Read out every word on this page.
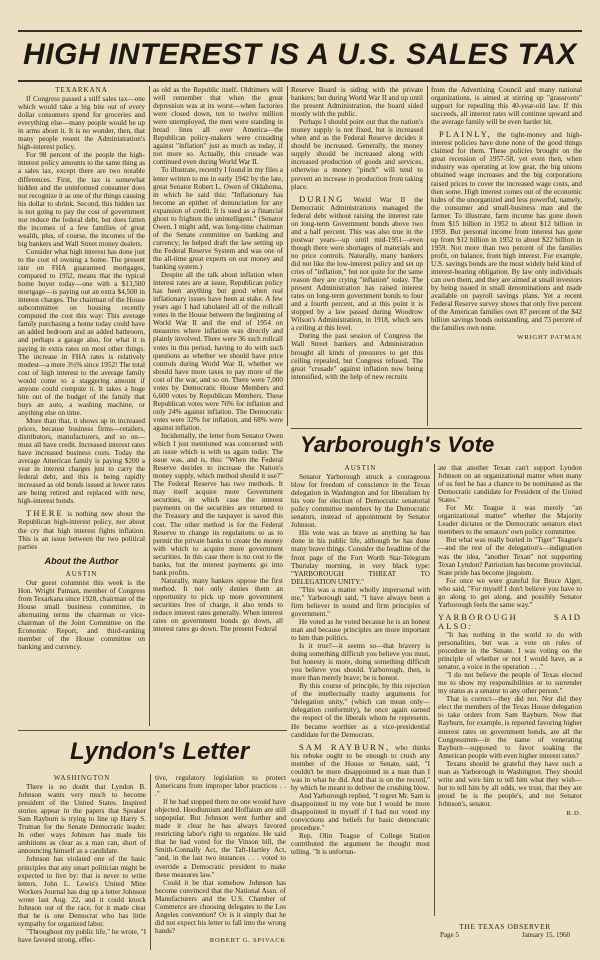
HIGH INTEREST IS A U.S. SALES TAX
TEXARKANA

If Congress passed a stiff sales tax—one which would take a big bite out of every dollar consumers spend for groceries and everything else—many people would be up in arms about it. It is no wonder, then, that many people resent the Administration's high-interest policy.

For 98 percent of the people the high-interest policy amounts to the same thing as a sales tax, except there are two notable differences. First, the tax is somewhat hidden and the uninformed consumer does not recognize it as one of the things causing his dollar to shrink. Second, this hidden tax is not going to pay the cost of government nor reduce the federal debt, but does fatten the incomes of a few families of great wealth, plus, of course, the incomes of the big bankers and Wall Street money dealers.

Consider what high interest has done just to the cost of owning a home. The present rate on FHA guaranteed mortgages, compared to 1952, means that the typical home buyer today—one with a $13,500 mortgage—is paying out an extra $4,500 in interest charges. The chairman of the House subcommittee on housing recently computed the cost this way: This average family purchasing a home today could have an added bedroom and an added bathroom, and perhaps a garage also, for what it is paying in extra rates on most other things. The increase in FHA rates is relatively modest—a mere 3½% since 1952! The total cost of high interest to the average family would come to a staggering amount if anyone could compute it. It takes a huge bite out of the budget of the family that buys an auto, a washing machine, or anything else on time.

More than that, it shows up in increased prices, because business firms—retailers, distributors, manufacturers, and so on—must all have credit. Increased interest rates have increased business costs. Today the average American family is paying $200 a year in interest charges just to carry the federal debt, and this is being rapidly increased as old bonds issued at lower rates are being retired and replaced with new, high-interest bonds.

THERE is nothing new about the Republican high-interest policy, nor about the cry that high interest fights inflation. This is an issue between the two political parties

About the Author
AUSTIN

Our guest columnist this week is the Hon. Wright Patman, member of Congress from Texarkana since 1928, chairman of the House small business committee, in alternating terms the chairman or vice-chairman of the Joint Committee on the Economic Report, and third-ranking member of the House committee on banking and currency.

as old as the Republic itself. Oldtimers will well remember that when the great depression was at its worst—when factories were closed down, ten to twelve million were unemployed, the men were standing in bread lines all over America—the Republican policy-makers were crusading against "inflation" just as much as today, if not more so. Actually, this crusade was continued even during World War II.

To illustrate, recently I found in my files a letter written to me in early 1942 by the late, great Senator Robert L. Owen of Oklahoma, in which he said this: "Inflationary has become an epithet of denunciation for any expansion of credit. It is used as a financial ghost to frighten the unintelligent." (Senator Owen, I might add, was long-time chairman of the Senate committee on banking and currency; he helped draft the law setting up the Federal Reserve System and was one of the all-time great experts on our money and banking system.)

Despite all the talk about inflation when interest rates are at issue, Republican policy has been anything but good when real inflationary issues have been at stake. A few years ago I had tabulated all of the rollcall votes in the House between the beginning of World War II and the end of 1954 on measures where inflation was directly and plainly involved. There were 36 such rollcall votes in this period, having to do with such questions as whether we should have price controls during World War II, whether we should have more taxes to pay more of the cost of the war, and so on. There were 7,000 votes by Democratic House Members and 6,600 votes by Republican Members. These Republican votes were 76% for inflation and only 24% against inflation. The Democratic votes were 32% for inflation, and 68% were against inflation.

Incidentally, the letter from Senator Owen which I just mentioned was concerned with an issue which is with us again today. The issue was, and is, this: "When the Federal Reserve decides to increase the Nation's money supply, which method should it use?" The Federal Reserve has two methods. It may itself acquire more Government securities, in which case the interest payments on the securities are returned to the Treasury and the taxpayer is saved this cost. The other method is for the Federal Reserve to change its regulations so as to permit the private banks to create the money with which to acquire more government securities. In this case there is no cost to the banks, but the interest payments go into bank profits.

Naturally, many bankers oppose the first method. It not only denies them an opportunity to pick up more government securities free of charge, it also tends to reduce interest rates generally. When interest rates on government bonds go down, all interest rates go down. The present Federal

Reserve Board is siding with the private bankers; but during World War II and up until the present Administration, the board sided mostly with the public.

Perhaps I should point out that the nation's money supply is not fixed, but is increased when and as the Federal Reserve decides it should be increased. Generally, the money supply should be increased along with increased production of goods and services, otherwise a money "pinch" will tend to prevent an increase in production from taking place.

DURING World War II the Democratic Administrations managed the federal debt without raising the interest rate on long-term Government bonds above two and a half percent. This was also true in the postwar years—up until mid-1951—even though there were shortages of materials and no price controls. Naturally, many bankers did not like the low-interest policy and set up cries of "inflation," but not quite for the same reason they are crying "inflation" today. The present Administration has raised interest rates on long-term government bonds to four and a fourth percent, and at this point it is stopped by a law passed during Woodrow Wilson's Administration, in 1918, which sets a ceiling at this level.

During the past session of Congress the Wall Street bankers and Administration brought all kinds of pressures to get this ceiling repealed, but Congress refused. The great "crusade" against inflation now being intensified, with the help of new recruits

from the Advertising Council and many national organizations, is aimed at stirring up "grassroots" support for repealing this 40-year-old law. If this succeeds, all interest rates will continue upward and the average family will be even harder hit.

PLAINLY, the tight-money and high-interest policies have done none of the good things claimed for them. These policies brought on the great recession of 1957-58, yet even then, when industry was operating at low gear, the big unions obtained wage increases and the big corporations raised prices to cover the increased wage costs, and then some. High interest comes out of the economic hides of the unorganized and less powerful, namely, the consumer and small-business man and the farmer. To illustrate, farm income has gone down from $15 billion in 1952 to about $12 billion in 1959. But personal income from interest has gone up from $12 billion in 1952 to about $22 billion in 1959. Not more than two percent of the families profit, on balance, from high interest. For example, U.S. savings bonds are the most widely held kind of interest-bearing obligation. By law only individuals can own them, and they are aimed at small investors by being issued in small denominations and made available on payroll savings plans. Yet a recent Federal Reserve survey shows that only five percent of the American families own 87 percent of the $42 billion savings bonds outstanding, and 73 percent of the families own none.

WRIGHT PATMAN
Yarborough's Vote
AUSTIN

Senator Yarborough struck a courageous blow for freedom of conscience in the Texas delegation in Washington and for liberalism by his vote for election of Democratic senatorial policy committee members by the Democratic senators, instead of appointment by Senator Johnson.

His vote was as brave as anything he has done in his public life, although he has done many brave things. Consider the headline of the front page of the Fort Worth Star-Telegram Thursday morning, in very black type: "YARBOROUGH THREAT TO DELEGATION UNITY."

"This was a matter wholly impersonal with me," Yarborough said, "I have always been a firm believer in sound and firm principles of government."

He voted as he voted because he is an honest man and because principles are more important to him than politics.

Is it true?—it seems so—that bravery is doing something difficult you believe you must, but honesty is more, doing something difficult you believe you should. Yarborough, then, is more than merely brave; he is honest.

By this course of principle, by this rejection of the intellectually trashy arguments for "delegation unity," (which can mean only—delegation conformity), he once again earned the respect of the liberals whom he represents. He became worthier as a vice-presidential candidate for the Democrats.

SAM RAYBURN, who thinks his rebuke ought to be enough to crush any member of the House or Senate, said, "I couldn't be more disappointed in a man than I was in what he did. And that is on the record," by which he meant to deliver the crushing blow.

And Yarborough replied, "I regret Mr. Sam is disappointed in my vote but I would be more disappointed in myself if I had not voted my convictions and beliefs for basic democratic procedure."

Rep. Olin Teague of College Station contributed the argument he thought most telling. "It is unfortun-

ate that another Texan can't support Lyndon Johnson on an organizational matter when many of us feel he has a chance to be nominated as the Democratic candidate for President of the United States."

For Mr. Teague it was merely "an organizational matter" whether the Majority Leader dictates or the Democratic senators elect members to the senators' own policy committee.

But what was really buried in "Tiger" Teague's—and the rest of the delegation's—indignation was the idea, "another Texan" not supporting Texan Lyndon? Patriotism has become provincial. State pride has become jingoism.

For once we were grateful for Bruce Alger, who said, "For myself I don't believe you have to go along to get along, and possibly Senator Yarborough feels the same way."

YARBOROUGH SAID ALSO:

"It has nothing in the world to do with personalities, but was a vote on rules of procedure in the Senate. I was voting on the principle of whether or not I would have, as a senator, a voice in the operation . . ."

"I do not believe the people of Texas elected me to show my responsibilities or to surrender my status as a senator to any other person."

That is correct—they did not. Nor did they elect the members of the Texas House delegation to take orders from Sam Rayburn. Now that Rayburn, for example, is reported favoring higher interest rates on government bonds, are all the Congressmen—in the name of venerating Rayburn—supposed to favor soaking the American people with even higher interest rates?

Texans should be grateful they have such a man as Yarborough in Washington. They should write and wire him to tell him what they wish—but to tell him by all odds, we trust, that they are proud he is the people's, and not Senator Johnson's, senator.

R.D.
Lyndon's Letter
WASHINGTON

There is no doubt that Lyndon B. Johnson wants very much to become president of the United States. Inspired stories appear in the papers that Speaker Sam Rayburn is trying to line up Harry S. Truman for the Senate Democratic leader. In other ways Johnson has made his ambitions as clear as a man can, short of announcing himself as a candidate.

Johnson has violated one of the basic principles that any smart politician might be expected to live by: that is never to write letters. John L. Lewis's United Mine Workers Journal has dug up a letter Johnson wrote last Aug. 22, and it could knock Johnson out of the race, for it made clear that he is one Democrat who has little sympathy for organized labor.

"Throughout my public life," he wrote, "I have favored strong, effec-

tive, regulatory legislation to protect Americans from improper labor practices . . ."

If he had stopped there no one would have objected. Hoodlumism and Hoffaism are still unpopular. But Johnson went further and made it clear he has always favored restricting labor's right to organize. He said that he had voted for the Vinson bill, the Smith-Connally Act, the Taft-Hartley Act, "and, in the last two instances . . . voted to override a Democratic president to make these measures law."

Could it be that somehow Johnson has become convinced that the National Assn. of Manufacturers and the U.S. Chamber of Commerce are choosing delegates to the Los Angeles convention? Or is it simply that he did not expect his letter to fall into the wrong hands?

ROBERT G. SPIVACK
THE TEXAS OBSERVER
Page 5	January 15, 1960
